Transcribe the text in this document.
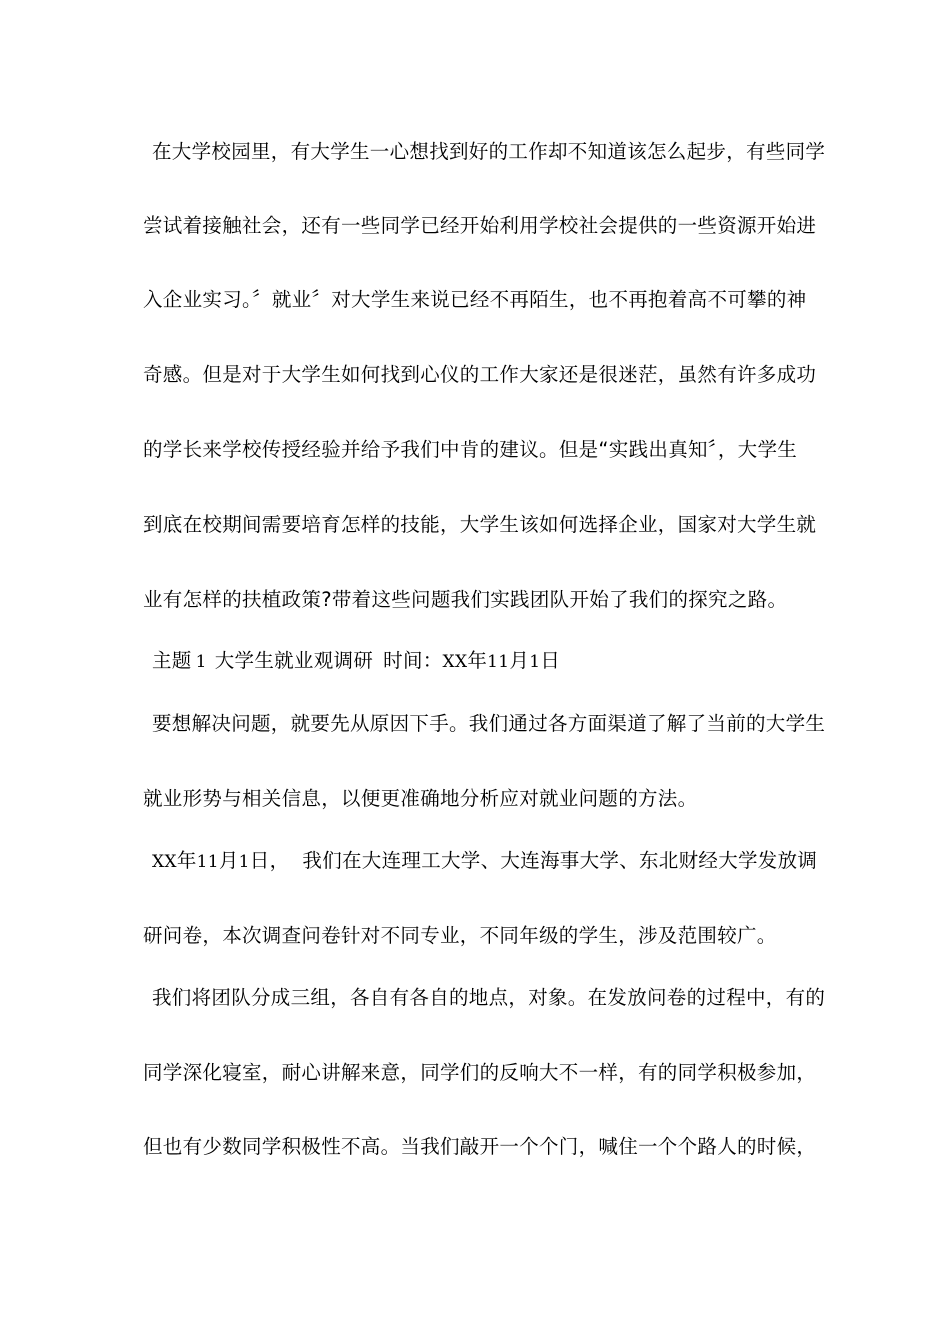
在大学校园里，有大学生一心想找到好的工作却不知道该怎么起步，有些同学
尝试着接触社会，还有一些同学已经开始利用学校社会提供的一些资源开始进
入企业实习。〞就业〞对大学生来说已经不再陌生，也不再抱着高不可攀的神
奇感。但是对于大学生如何找到心仪的工作大家还是很迷茫，虽然有许多成功
的学长来学校传授经验并给予我们中肯的建议。但是“实践出真知〞，大学生
到底在校期间需要培育怎样的技能，大学生该如何选择企业，国家对大学生就
业有怎样的扶植政策?带着这些问题我们实践团队开始了我们的探究之路。
主题 1 大学生就业观调研 时间：XX年11月1日
要想解决问题，就要先从原因下手。我们通过各方面渠道了解了当前的大学生
就业形势与相关信息，以便更准确地分析应对就业问题的方法。
XX年11月1日，  我们在大连理工大学、大连海事大学、东北财经大学发放调
研问卷，本次调查问卷针对不同专业，不同年级的学生，涉及范围较广。
我们将团队分成三组，各自有各自的地点，对象。在发放问卷的过程中，有的
同学深化寝室，耐心讲解来意，同学们的反响大不一样，有的同学积极参加，
但也有少数同学积极性不高。当我们敲开一个个门，喊住一个个路人的时候，
